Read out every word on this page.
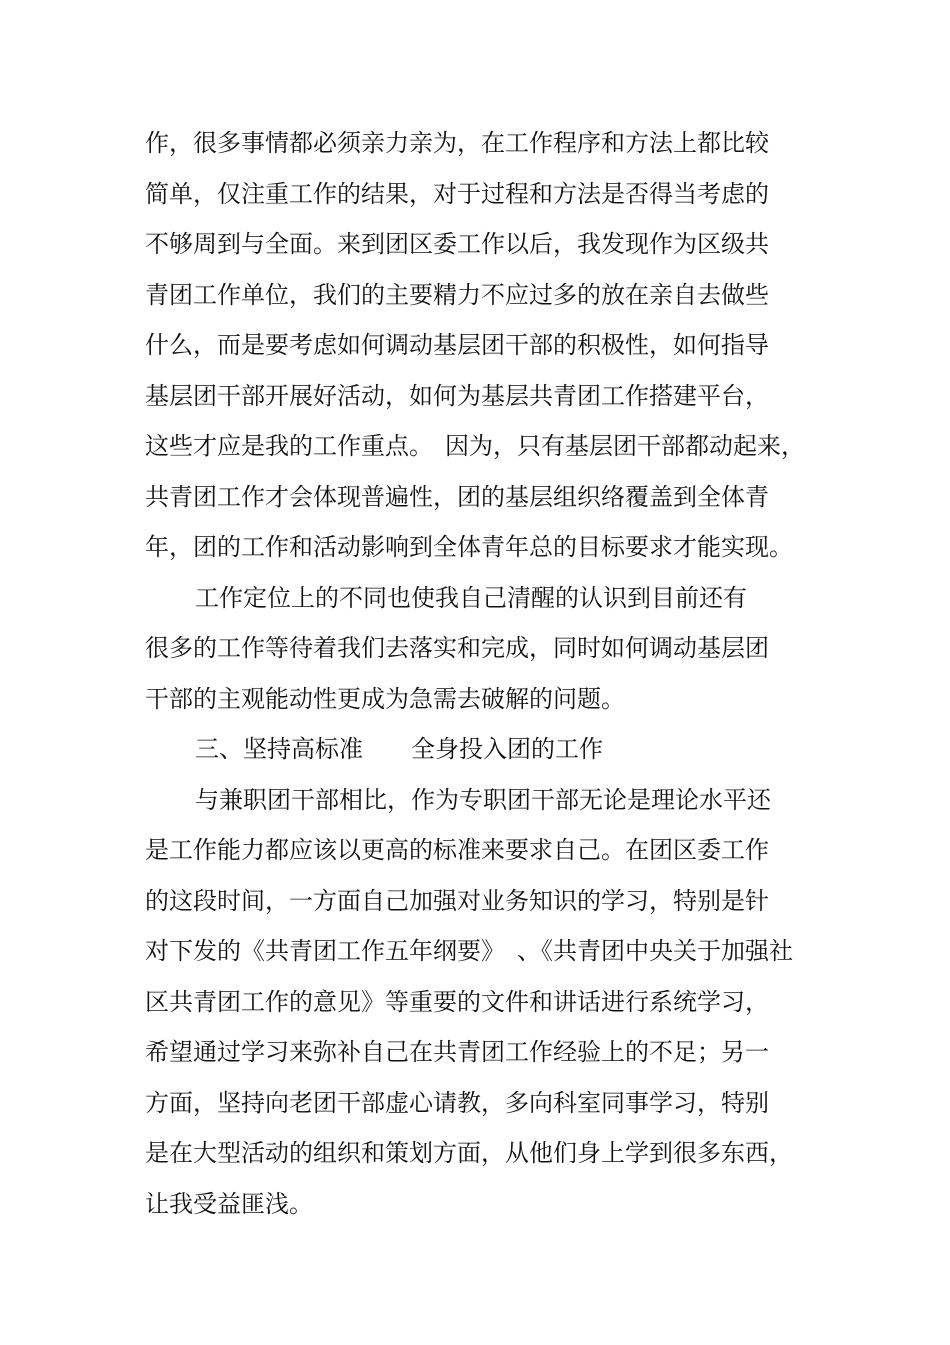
作，很多事情都必须亲力亲为，在工作程序和方法上都比较
简单，仅注重工作的结果，对于过程和方法是否得当考虑的
不够周到与全面。来到团区委工作以后，我发现作为区级共
青团工作单位，我们的主要精力不应过多的放在亲自去做些
什么，而是要考虑如何调动基层团干部的积极性，如何指导
基层团干部开展好活动，如何为基层共青团工作搭建平台，
这些才应是我的工作重点。　因为，只有基层团干部都动起来，
共青团工作才会体现普遍性，团的基层组织络覆盖到全体青
年，团的工作和活动影响到全体青年总的目标要求才能实现。
工作定位上的不同也使我自己清醒的认识到目前还有
很多的工作等待着我们去落实和完成，同时如何调动基层团
干部的主观能动性更成为急需去破解的问题。
三、坚持高标准　　全身投入团的工作
与兼职团干部相比，作为专职团干部无论是理论水平还
是工作能力都应该以更高的标准来要求自己。在团区委工作
的这段时间，一方面自己加强对业务知识的学习，特别是针
对下发的《共青团工作五年纲要》　、《共青团中央关于加强社
区共青团工作的意见》等重要的文件和讲话进行系统学习，
希望通过学习来弥补自己在共青团工作经验上的不足；另一
方面，坚持向老团干部虚心请教，多向科室同事学习，特别
是在大型活动的组织和策划方面，从他们身上学到很多东西，
让我受益匪浅。
